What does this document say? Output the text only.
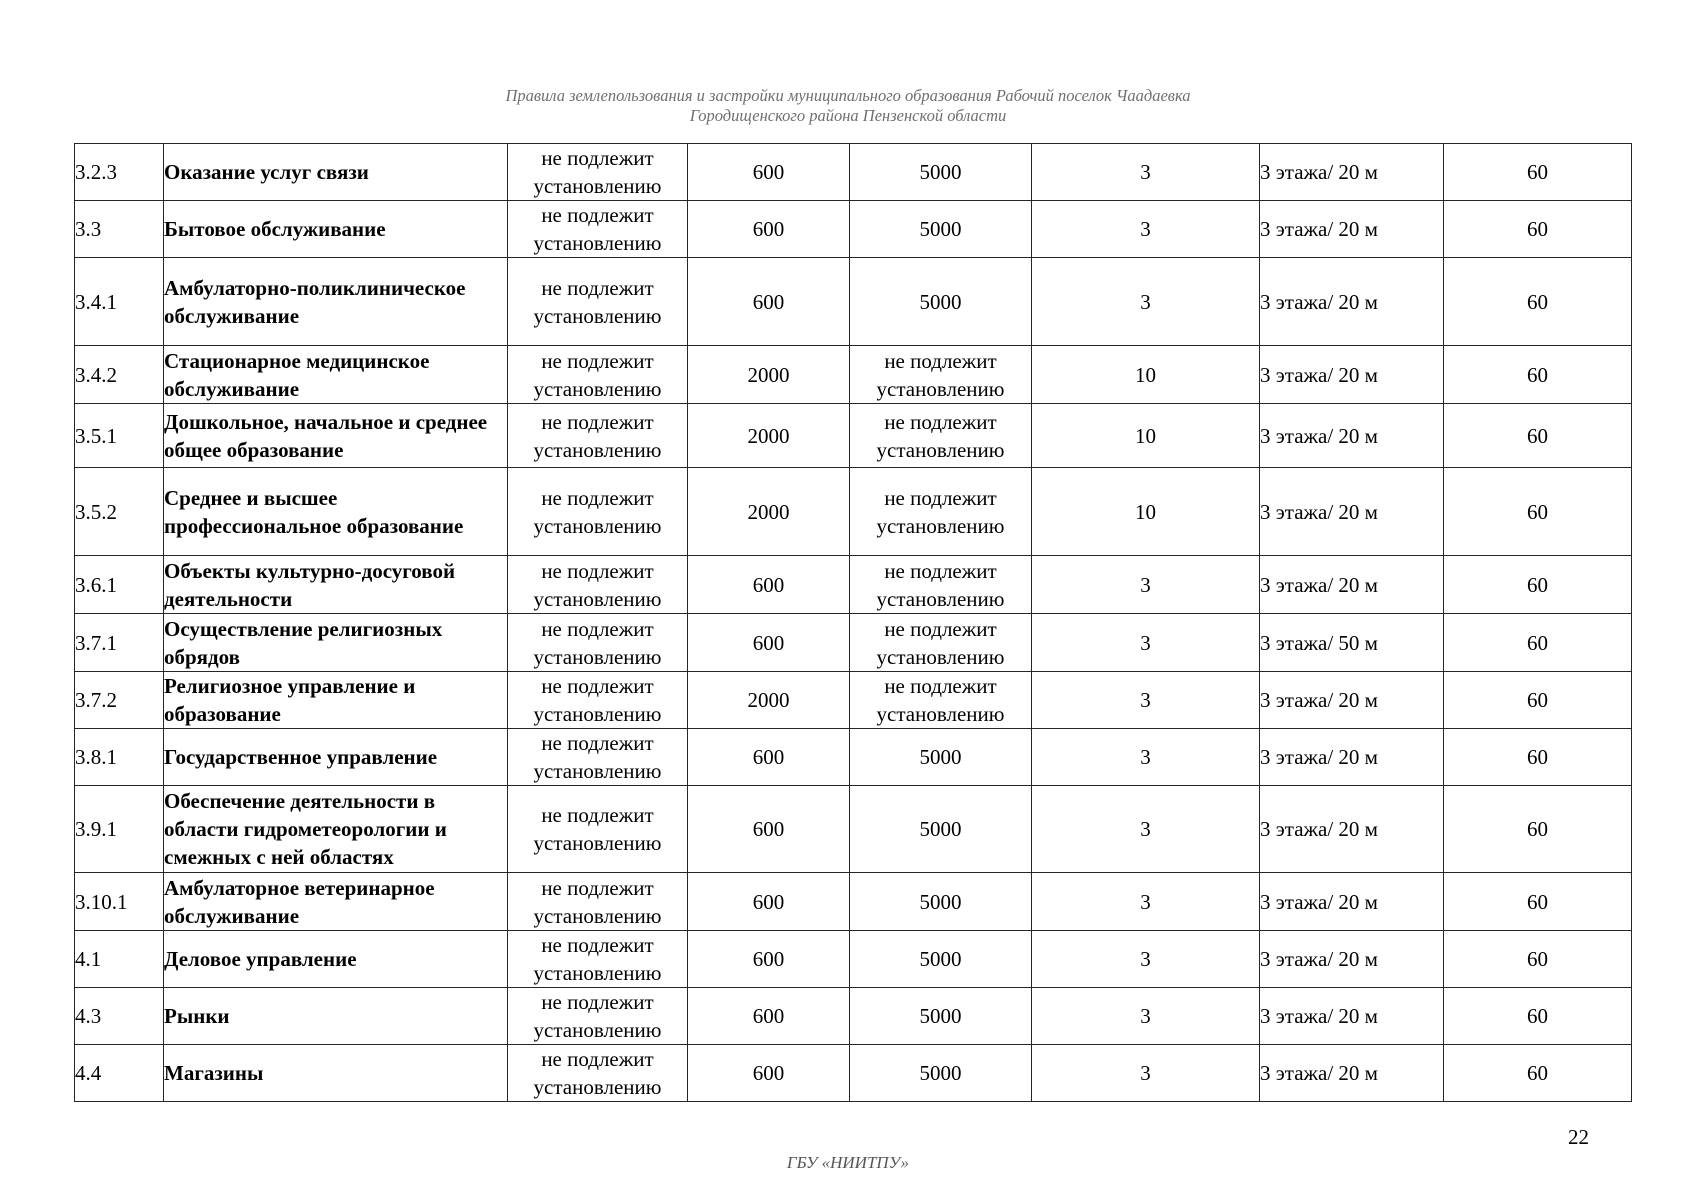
Правила землепользования и застройки муниципального образования Рабочий поселок Чаадаевка
Городищенского района Пензенской области
3.2.3	Оказание услуг связи	не подлежит установлению	600	5000	3	3 этажа/ 20 м	60
3.3	Бытовое обслуживание	не подлежит установлению	600	5000	3	3 этажа/ 20 м	60
3.4.1	Амбулаторно-поликлиническое обслуживание	не подлежит установлению	600	5000	3	3 этажа/ 20 м	60
3.4.2	Стационарное медицинское обслуживание	не подлежит установлению	2000	не подлежит установлению	10	3 этажа/ 20 м	60
3.5.1	Дошкольное, начальное и среднее общее образование	не подлежит установлению	2000	не подлежит установлению	10	3 этажа/ 20 м	60
3.5.2	Среднее и высшее профессиональное образование	не подлежит установлению	2000	не подлежит установлению	10	3 этажа/ 20 м	60
3.6.1	Объекты культурно-досуговой деятельности	не подлежит установлению	600	не подлежит установлению	3	3 этажа/ 20 м	60
3.7.1	Осуществление религиозных обрядов	не подлежит установлению	600	не подлежит установлению	3	3 этажа/ 50 м	60
3.7.2	Религиозное управление и образование	не подлежит установлению	2000	не подлежит установлению	3	3 этажа/ 20 м	60
3.8.1	Государственное управление	не подлежит установлению	600	5000	3	3 этажа/ 20 м	60
3.9.1	Обеспечение деятельности в области гидрометеорологии и смежных с ней областях	не подлежит установлению	600	5000	3	3 этажа/ 20 м	60
3.10.1	Амбулаторное ветеринарное обслуживание	не подлежит установлению	600	5000	3	3 этажа/ 20 м	60
4.1	Деловое управление	не подлежит установлению	600	5000	3	3 этажа/ 20 м	60
4.3	Рынки	не подлежит установлению	600	5000	3	3 этажа/ 20 м	60
4.4	Магазины	не подлежит установлению	600	5000	3	3 этажа/ 20 м	60
22
ГБУ «НИИТПУ»
